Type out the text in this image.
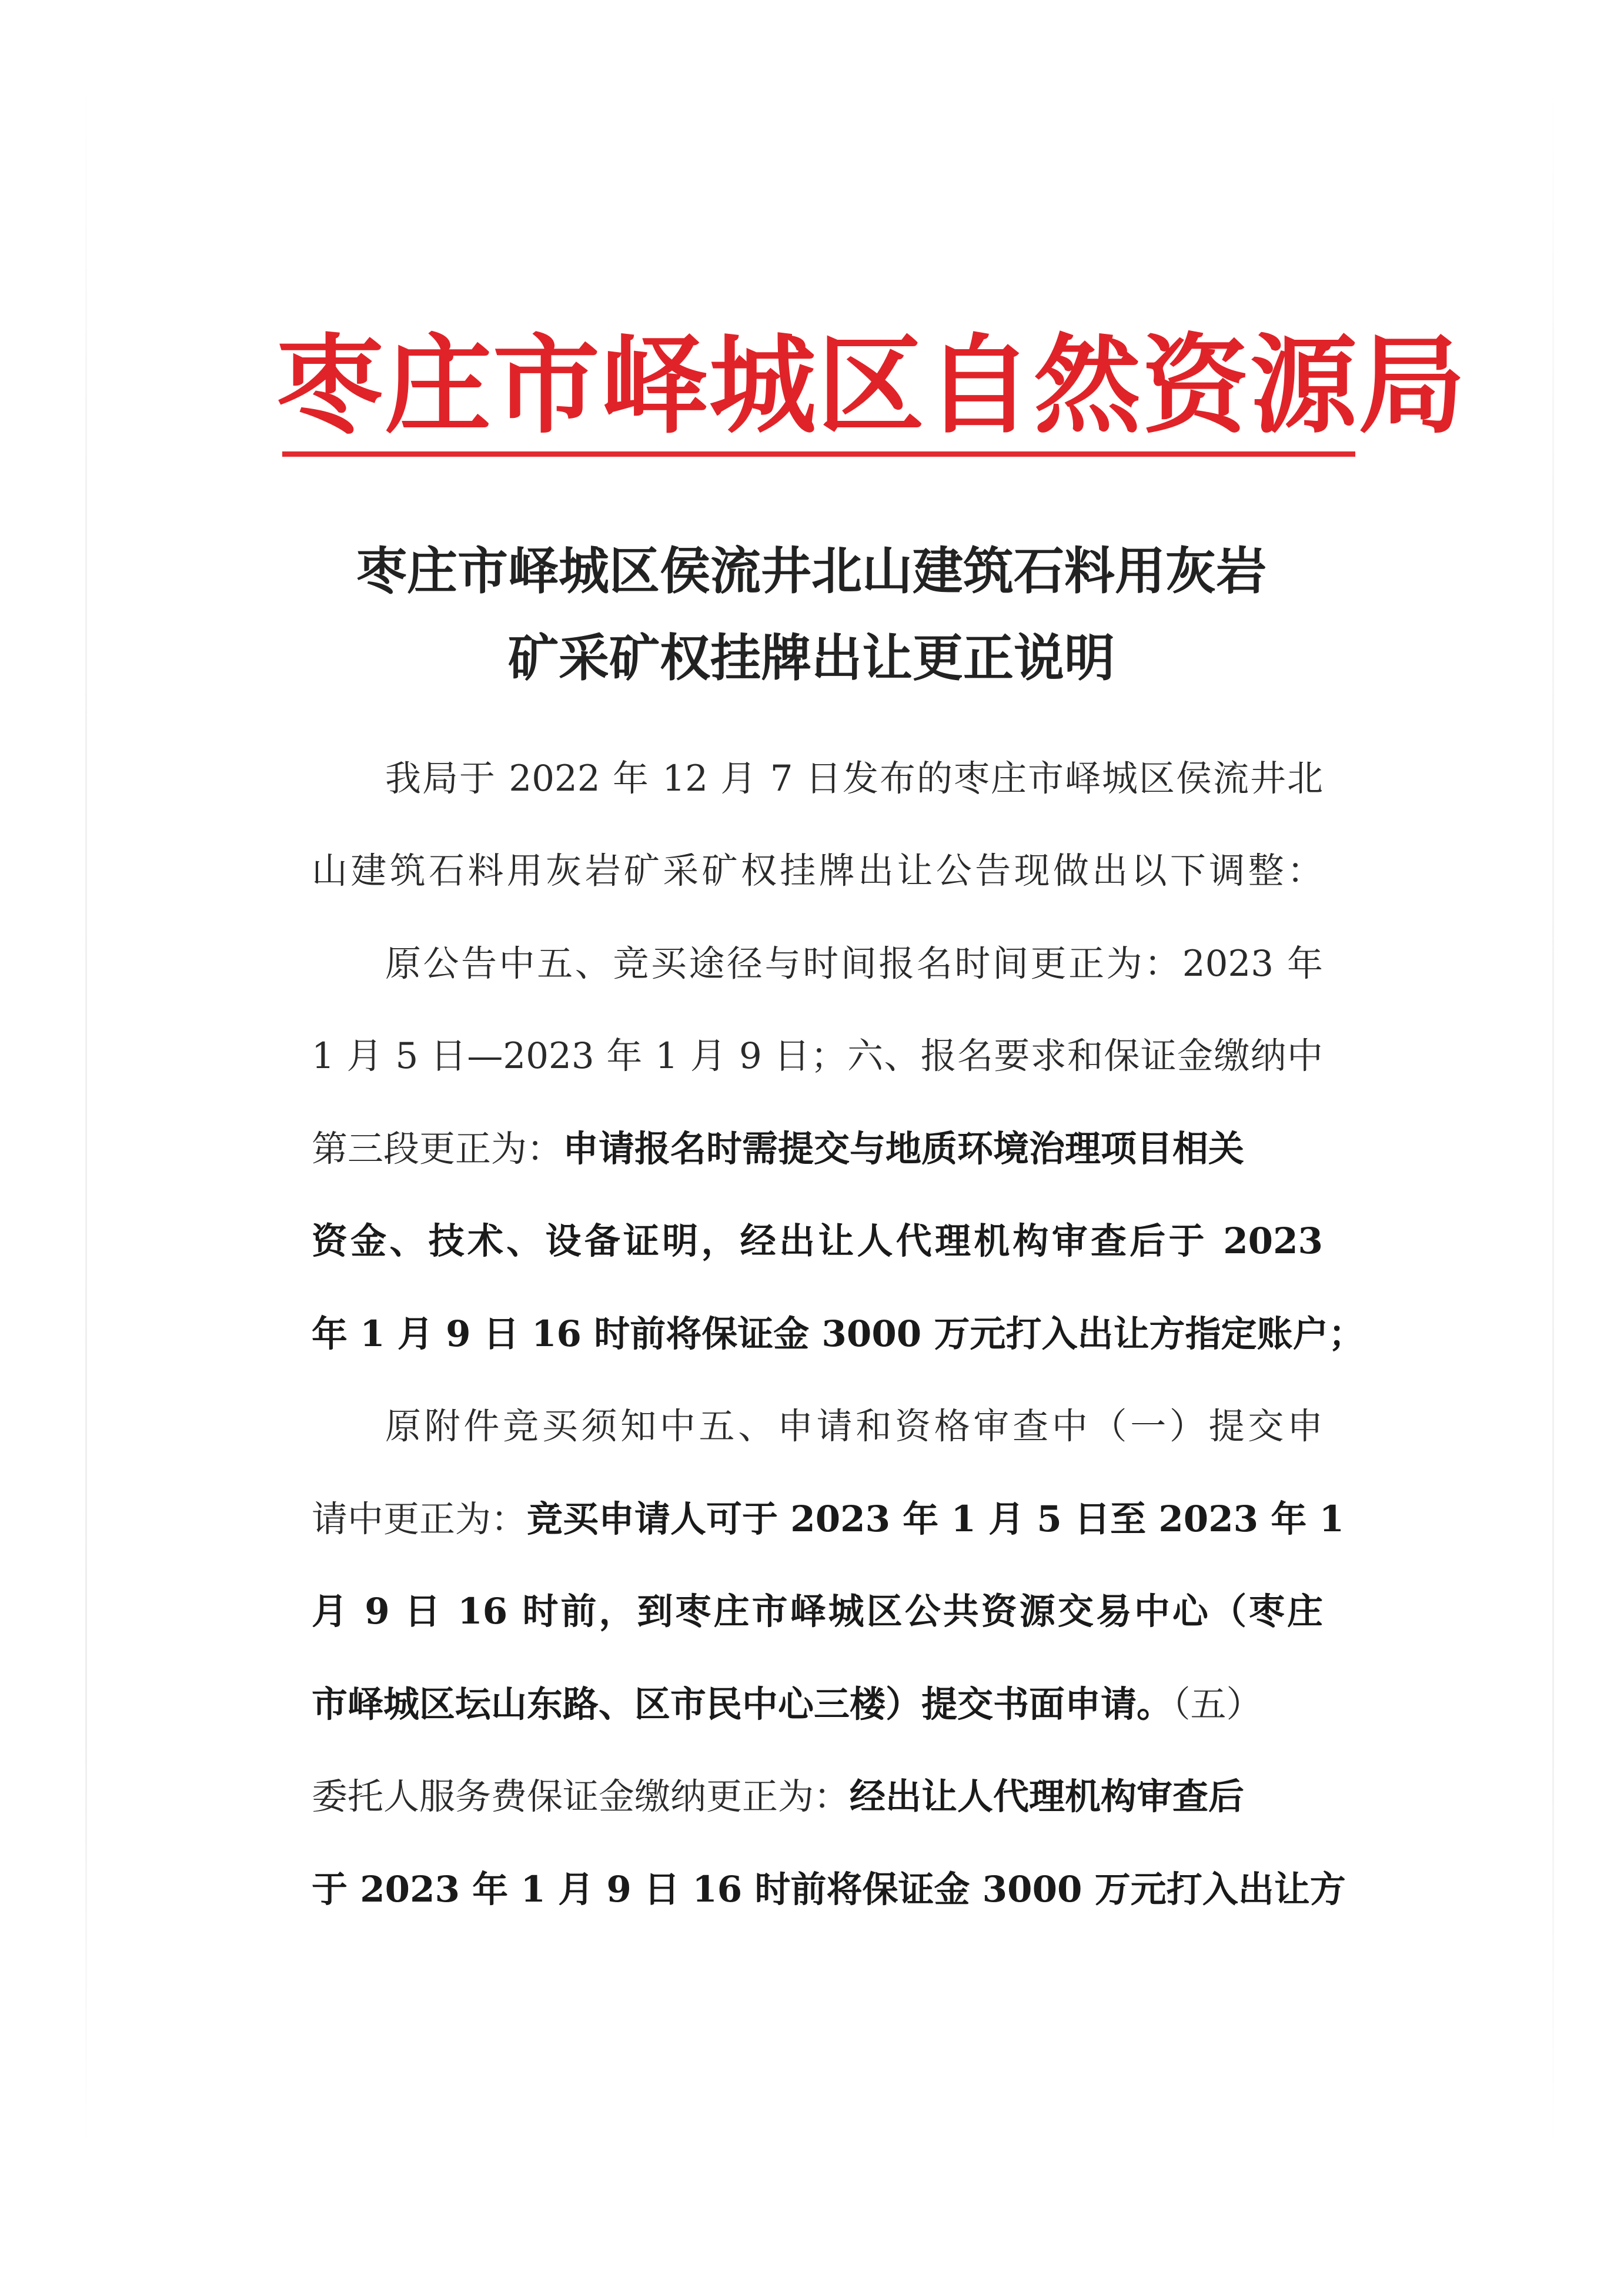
枣庄市峄城区自然资源局
枣庄市峄城区侯流井北山建筑石料用灰岩
矿采矿权挂牌出让更正说明
我局于 2022 年 12 月 7 日发布的枣庄市峄城区侯流井北
山建筑石料用灰岩矿采矿权挂牌出让公告现做出以下调整：
原公告中五、竞买途径与时间报名时间更正为：2023 年
1 月 5 日—2023 年 1 月 9 日；六、报名要求和保证金缴纳中
第三段更正为：申请报名时需提交与地质环境治理项目相关
资金、技术、设备证明，经出让人代理机构审查后于 2023
年 1 月 9 日 16 时前将保证金 3000 万元打入出让方指定账户；
原附件竞买须知中五、申请和资格审查中（一）提交申
请中更正为：竞买申请人可于 2023 年 1 月 5 日至 2023 年 1
月 9 日 16 时前，到枣庄市峄城区公共资源交易中心（枣庄
市峄城区坛山东路、区市民中心三楼）提交书面申请。（五）
委托人服务费保证金缴纳更正为：经出让人代理机构审查后
于 2023 年 1 月 9 日 16 时前将保证金 3000 万元打入出让方
